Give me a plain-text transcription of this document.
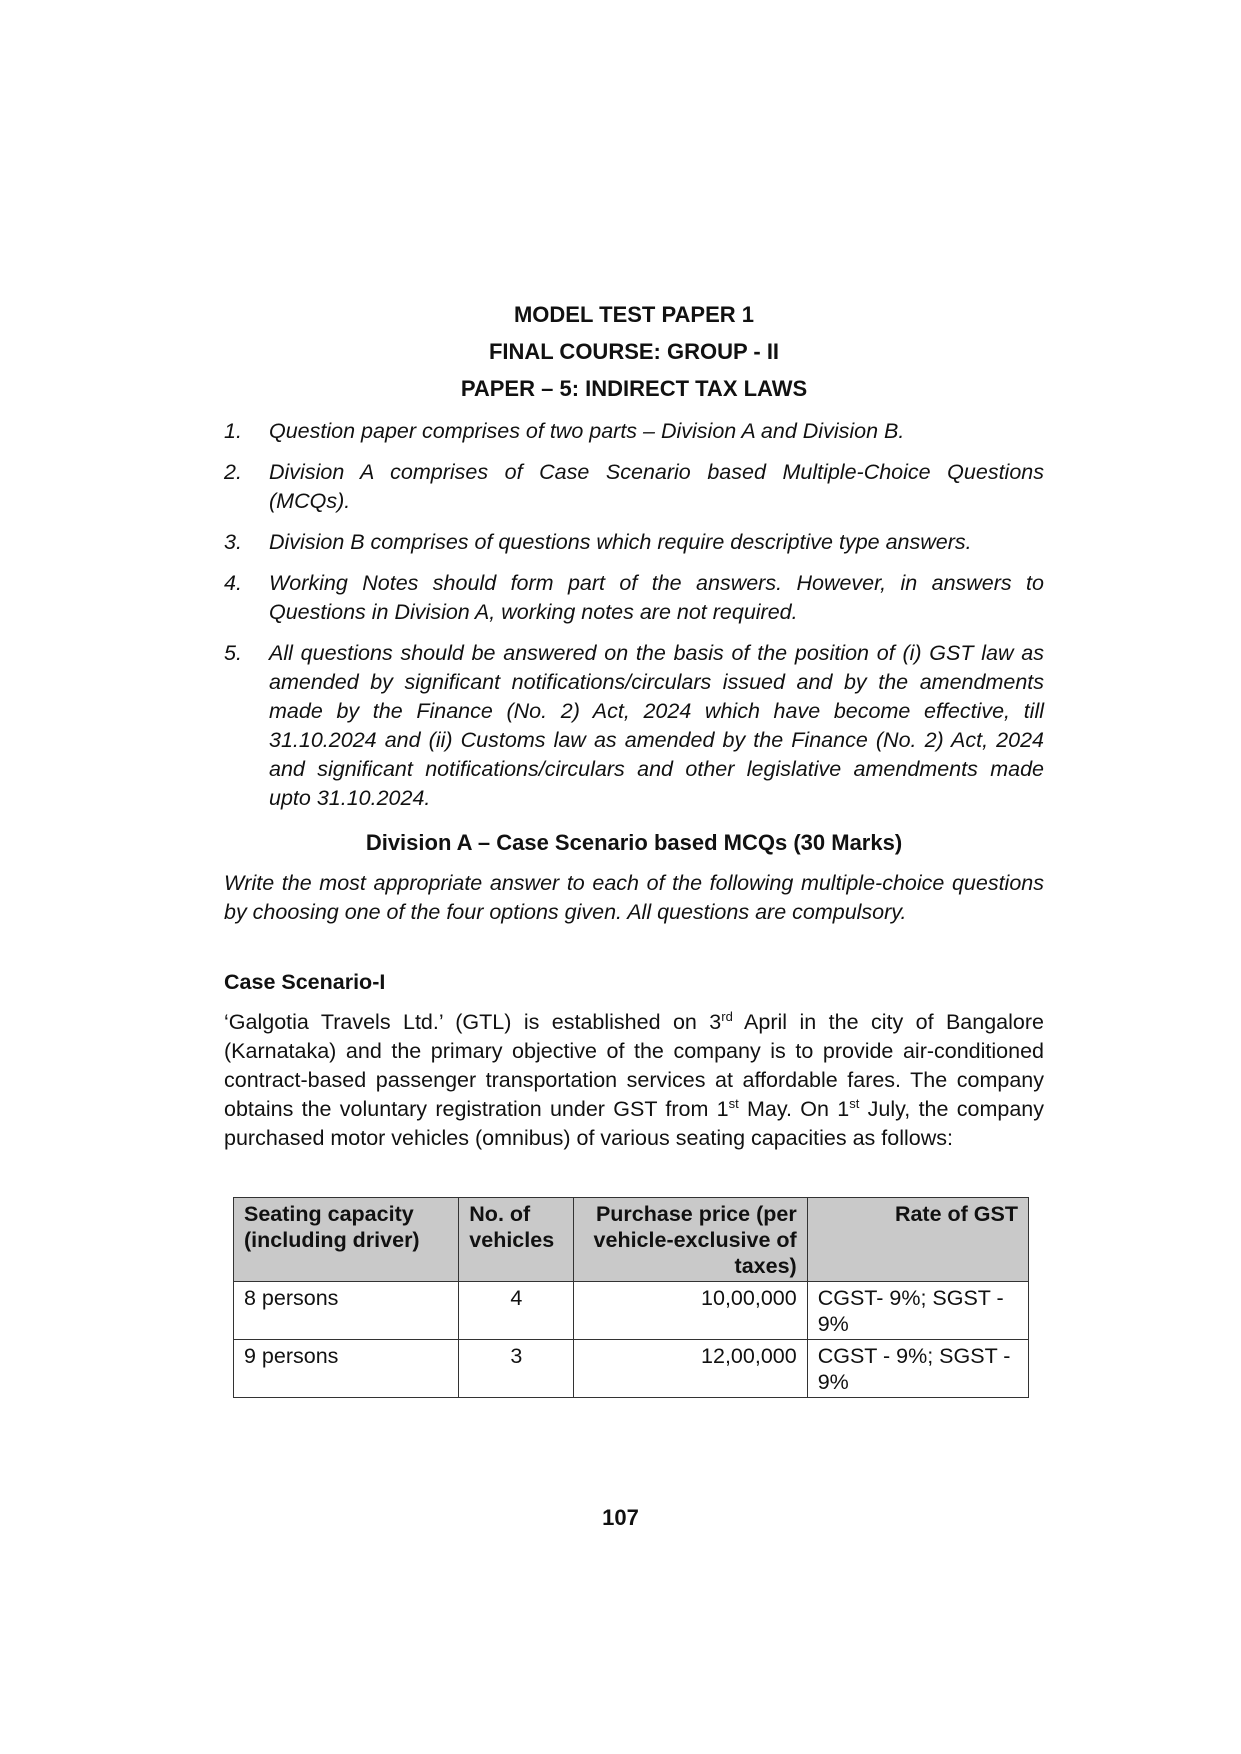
MODEL TEST PAPER 1
FINAL COURSE: GROUP - II
PAPER – 5: INDIRECT TAX LAWS
1. Question paper comprises of two parts – Division A and Division B.
2. Division A comprises of Case Scenario based Multiple-Choice Questions (MCQs).
3. Division B comprises of questions which require descriptive type answers.
4. Working Notes should form part of the answers. However, in answers to Questions in Division A, working notes are not required.
5. All questions should be answered on the basis of the position of (i) GST law as amended by significant notifications/circulars issued and by the amendments made by the Finance (No. 2) Act, 2024 which have become effective, till 31.10.2024 and (ii) Customs law as amended by the Finance (No. 2) Act, 2024 and significant notifications/circulars and other legislative amendments made upto 31.10.2024.
Division A – Case Scenario based MCQs (30 Marks)
Write the most appropriate answer to each of the following multiple-choice questions by choosing one of the four options given. All questions are compulsory.
Case Scenario-I
‘Galgotia Travels Ltd.’ (GTL) is established on 3rd April in the city of Bangalore (Karnataka) and the primary objective of the company is to provide air-conditioned contract-based passenger transportation services at affordable fares. The company obtains the voluntary registration under GST from 1st May. On 1st July, the company purchased motor vehicles (omnibus) of various seating capacities as follows:
Seating capacity (including driver)	No. of vehicles	Purchase price (per vehicle-exclusive of taxes)	Rate of GST
8 persons	4	10,00,000	CGST- 9%; SGST - 9%
9 persons	3	12,00,000	CGST - 9%; SGST - 9%
107
